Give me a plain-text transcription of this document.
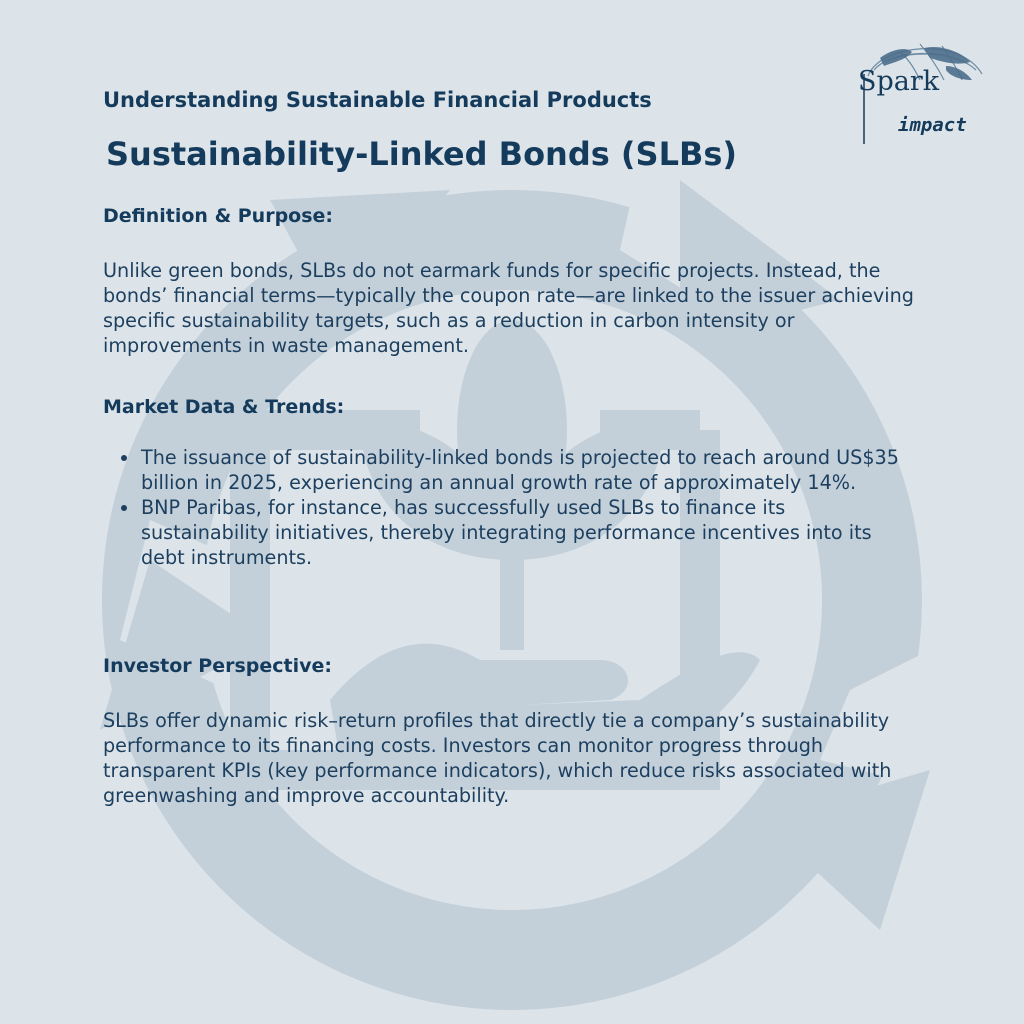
Spark
impact
Understanding Sustainable Financial Products
Sustainability-Linked Bonds (SLBs)
Definition & Purpose:

Unlike green bonds, SLBs do not earmark funds for specific projects. Instead, the bonds’ financial terms—typically the coupon rate—are linked to the issuer achieving specific sustainability targets, such as a reduction in carbon intensity or improvements in waste management.

Market Data & Trends:
The issuance of sustainability-linked bonds is projected to reach around US$35 billion in 2025, experiencing an annual growth rate of approximately 14%.
BNP Paribas, for instance, has successfully used SLBs to finance its sustainability initiatives, thereby integrating performance incentives into its debt instruments.
Investor Perspective:

SLBs offer dynamic risk–return profiles that directly tie a company’s sustainability performance to its financing costs. Investors can monitor progress through transparent KPIs (key performance indicators), which reduce risks associated with greenwashing and improve accountability.
